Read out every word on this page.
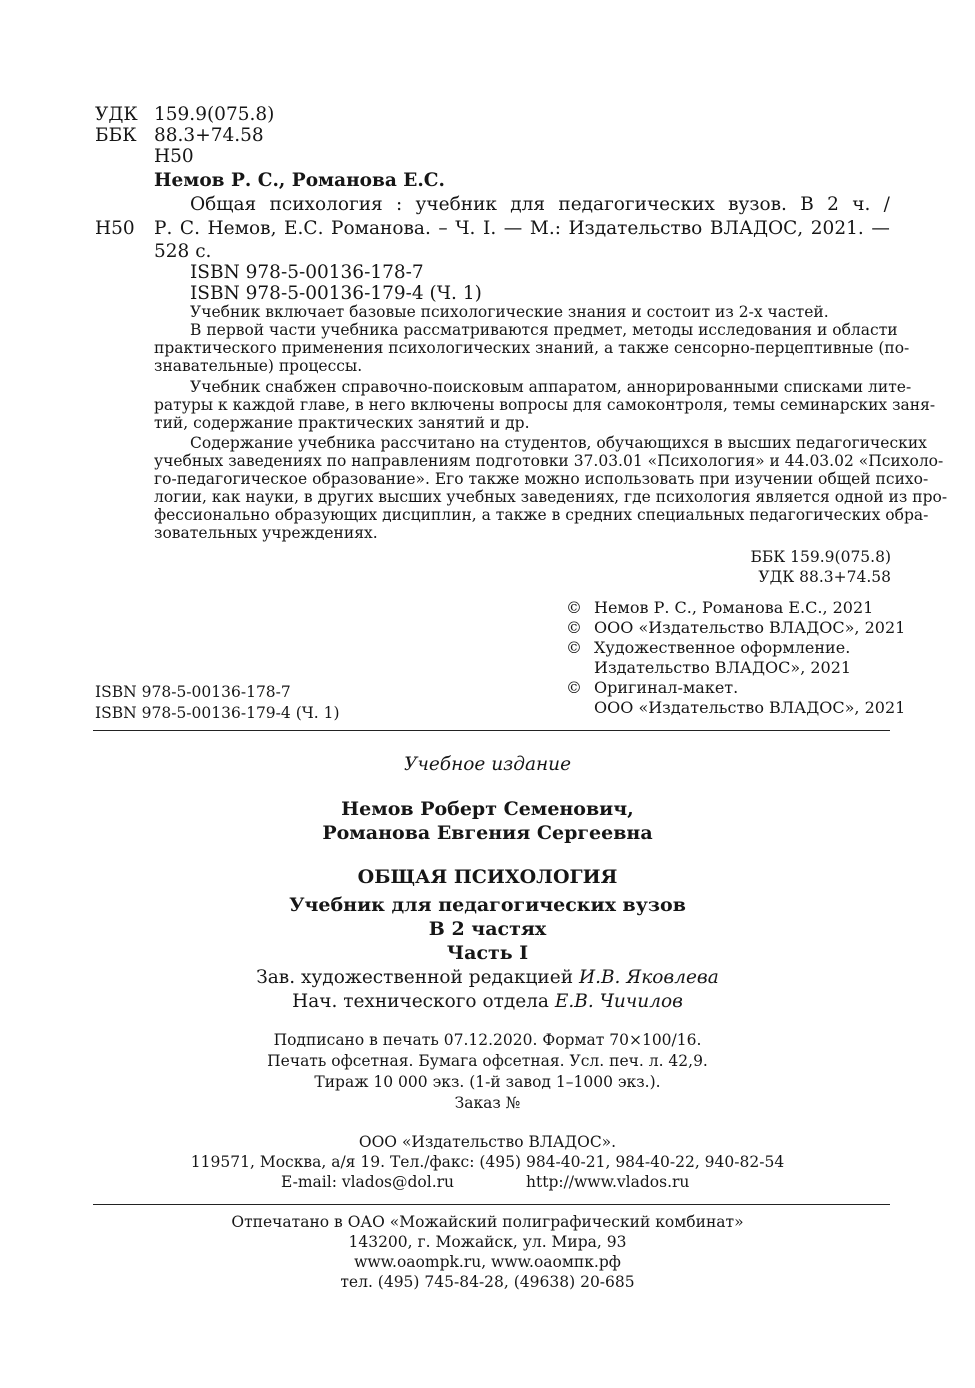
УДК 159.9(075.8)
ББК 88.3+74.58
Н50
Немов Р. С., Романова Е.С.
Общая психология : учебник для педагогических вузов. В 2 ч. /
Н50 Р. С. Немов, Е.С. Романова. – Ч. I. — М.: Издательство ВЛАДОС, 2021. —
528 с.
ISBN 978-5-00136-178-7
ISBN 978-5-00136-179-4 (Ч. 1)
Учебник включает базовые психологические знания и состоит из 2-х частей.
В первой части учебника рассматриваются предмет, методы исследования и области
практического применения психологических знаний, а также сенсорно-перцептивные (по-
знавательные) процессы.
Учебник снабжен справочно-поисковым аппаратом, аннорированными списками лите-
ратуры к каждой главе, в него включены вопросы для самоконтроля, темы семинарских заня-
тий, содержание практических занятий и др.
Содержание учебника рассчитано на студентов, обучающихся в высших педагогических
учебных заведениях по направлениям подготовки 37.03.01 «Психология» и 44.03.02 «Психоло-
го-педагогическое образование». Его также можно использовать при изучении общей психо-
логии, как науки, в других высших учебных заведениях, где психология является одной из про-
фессионально образующих дисциплин, а также в средних специальных педагогических обра-
зовательных учреждениях.
ББК 159.9(075.8)
УДК 88.3+74.58
© Немов Р. С., Романова Е.С., 2021
© ООО «Издательство ВЛАДОС», 2021
© Художественное оформление.
Издательство ВЛАДОС», 2021
© Оригинал-макет.
ООО «Издательство ВЛАДОС», 2021
ISBN 978-5-00136-178-7
ISBN 978-5-00136-179-4 (Ч. 1)
Учебное издание
Немов Роберт Семенович,
Романова Евгения Сергеевна
ОБЩАЯ ПСИХОЛОГИЯ
Учебник для педагогических вузов
В 2 частях
Часть I
Зав. художественной редакцией И.В. Яковлева
Нач. технического отдела Е.В. Чичилов
Подписано в печать 07.12.2020. Формат 70×100/16.
Печать офсетная. Бумага офсетная. Усл. печ. л. 42,9.
Тираж 10 000 экз. (1-й завод 1–1000 экз.).
Заказ №
ООО «Издательство ВЛАДОС».
119571, Москва, а/я 19. Тел./факс: (495) 984-40-21, 984-40-22, 940-82-54
E-mail: vlados@dol.ru	http://www.vlados.ru
Отпечатано в ОАО «Можайский полиграфический комбинат»
143200, г. Можайск, ул. Мира, 93
www.oaompk.ru, www.оаомпк.рф
тел. (495) 745-84-28, (49638) 20-685
